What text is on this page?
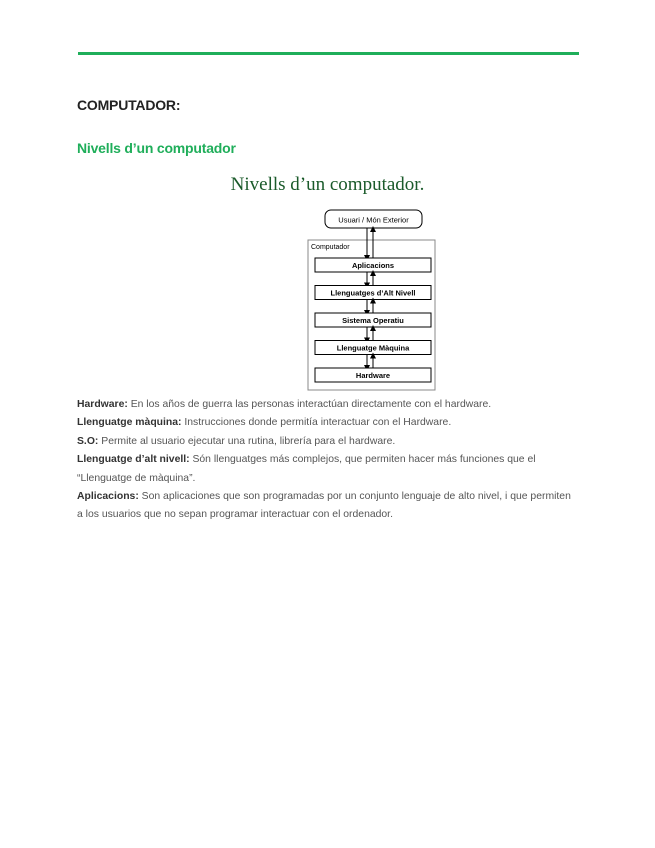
COMPUTADOR:
Nivells d’un computador
Nivells d’un computador.
Usuari / Món Exterior
Computador
Aplicacions
Llenguatges d’Alt Nivell
Sistema Operatiu
Llenguatge Màquina
Hardware

Hardware: En los años de guerra las personas interactúan directamente con el hardware.

Llenguatge màquina: Instrucciones donde permitía interactuar con el Hardware.

S.O: Permite al usuario ejecutar una rutina, librería para el hardware.

Llenguatge d’alt nivell: Són llenguatges más complejos, que permiten hacer más funciones que el “Llenguatge de màquina”.

Aplicacions: Son aplicaciones que son programadas por un conjunto lenguaje de alto nivel, i que permiten a los usuarios que no sepan programar interactuar con el ordenador.
